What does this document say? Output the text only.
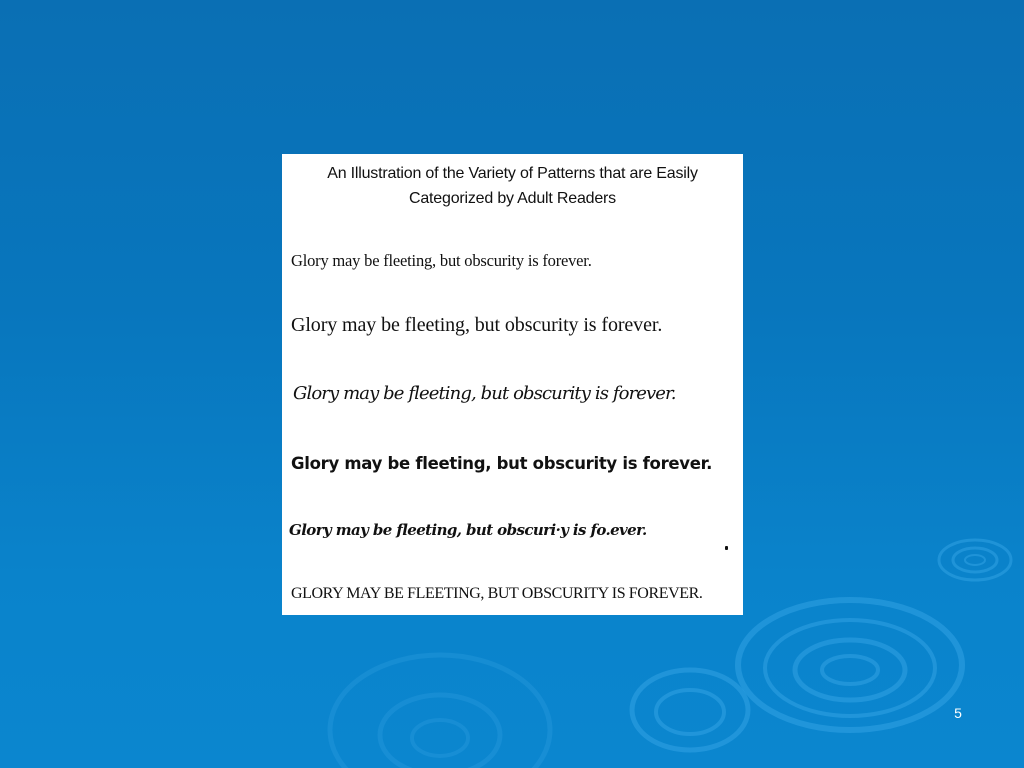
An Illustration of the Variety of Patterns that are Easily
Categorized by Adult Readers
Glory may be fleeting, but obscurity is forever.
Glory may be fleeting, but obscurity is forever.
Glory may be fleeting, but obscurity is forever.
Glory may be fleeting, but obscurity is forever.
Glory may be fleeting, but obscuri·y is fo.ever.
GLORY MAY BE FLEETING, BUT OBSCURITY IS FOREVER.
5
